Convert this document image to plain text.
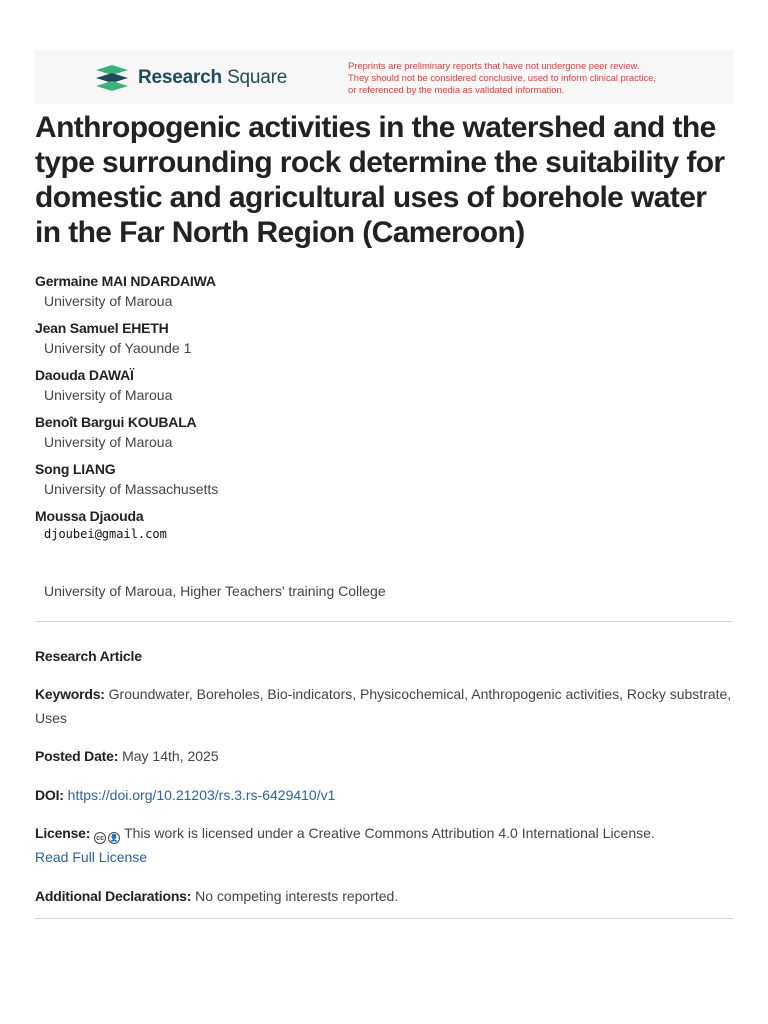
Research Square
Preprints are preliminary reports that have not undergone peer review.
They should not be considered conclusive, used to inform clinical practice,
or referenced by the media as validated information.
Anthropogenic activities in the watershed and the type surrounding rock determine the suitability for domestic and agricultural uses of borehole water in the Far North Region (Cameroon)
Germaine MAI NDARDAIWA
University of Maroua
Jean Samuel EHETH
University of Yaounde 1
Daouda DAWAÏ
University of Maroua
Benoît Bargui KOUBALA
University of Maroua
Song LIANG
University of Massachusetts
Moussa Djaouda
djoubei@gmail.com
University of Maroua, Higher Teachers’ training College
Research Article
Keywords: Groundwater, Boreholes, Bio-indicators, Physicochemical, Anthropogenic activities, Rocky substrate, Uses
Posted Date: May 14th, 2025
DOI: https://doi.org/10.21203/rs.3.rs-6429410/v1
License: cc 👤 This work is licensed under a Creative Commons Attribution 4.0 International License.
Read Full License
Additional Declarations: No competing interests reported.
